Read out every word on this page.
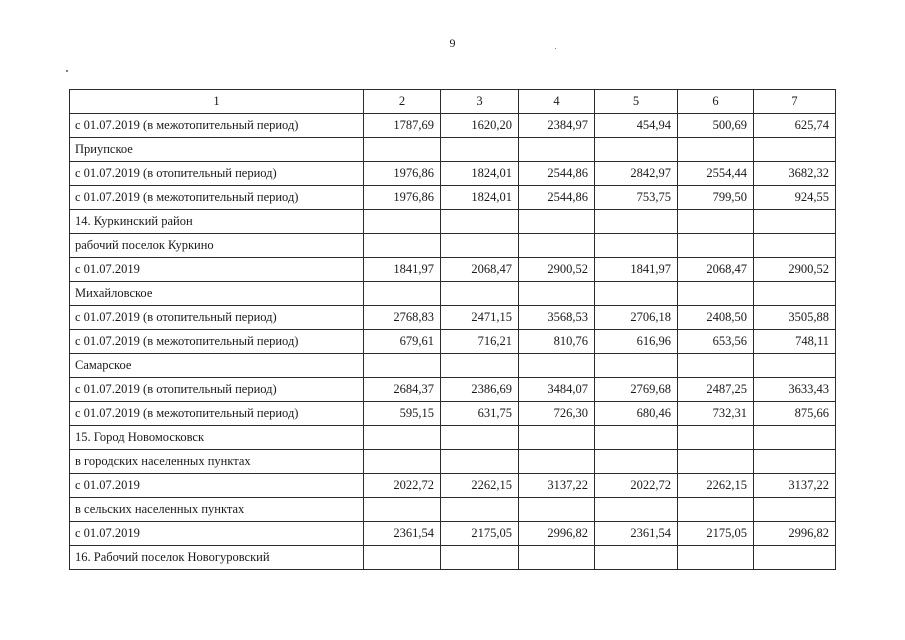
9
1	2	3	4	5	6	7
с 01.07.2019 (в межотопительный период)	1787,69	1620,20	2384,97	454,94	500,69	625,74
Приупское						
с 01.07.2019 (в отопительный период)	1976,86	1824,01	2544,86	2842,97	2554,44	3682,32
с 01.07.2019 (в межотопительный период)	1976,86	1824,01	2544,86	753,75	799,50	924,55
14. Куркинский район						
рабочий поселок Куркино						
с 01.07.2019	1841,97	2068,47	2900,52	1841,97	2068,47	2900,52
Михайловское						
с 01.07.2019 (в отопительный период)	2768,83	2471,15	3568,53	2706,18	2408,50	3505,88
с 01.07.2019 (в межотопительный период)	679,61	716,21	810,76	616,96	653,56	748,11
Самарское						
с 01.07.2019 (в отопительный период)	2684,37	2386,69	3484,07	2769,68	2487,25	3633,43
с 01.07.2019 (в межотопительный период)	595,15	631,75	726,30	680,46	732,31	875,66
15. Город Новомосковск						
в городских населенных пунктах						
с 01.07.2019	2022,72	2262,15	3137,22	2022,72	2262,15	3137,22
в сельских населенных пунктах						
с 01.07.2019	2361,54	2175,05	2996,82	2361,54	2175,05	2996,82
16. Рабочий поселок Новогуровский						
